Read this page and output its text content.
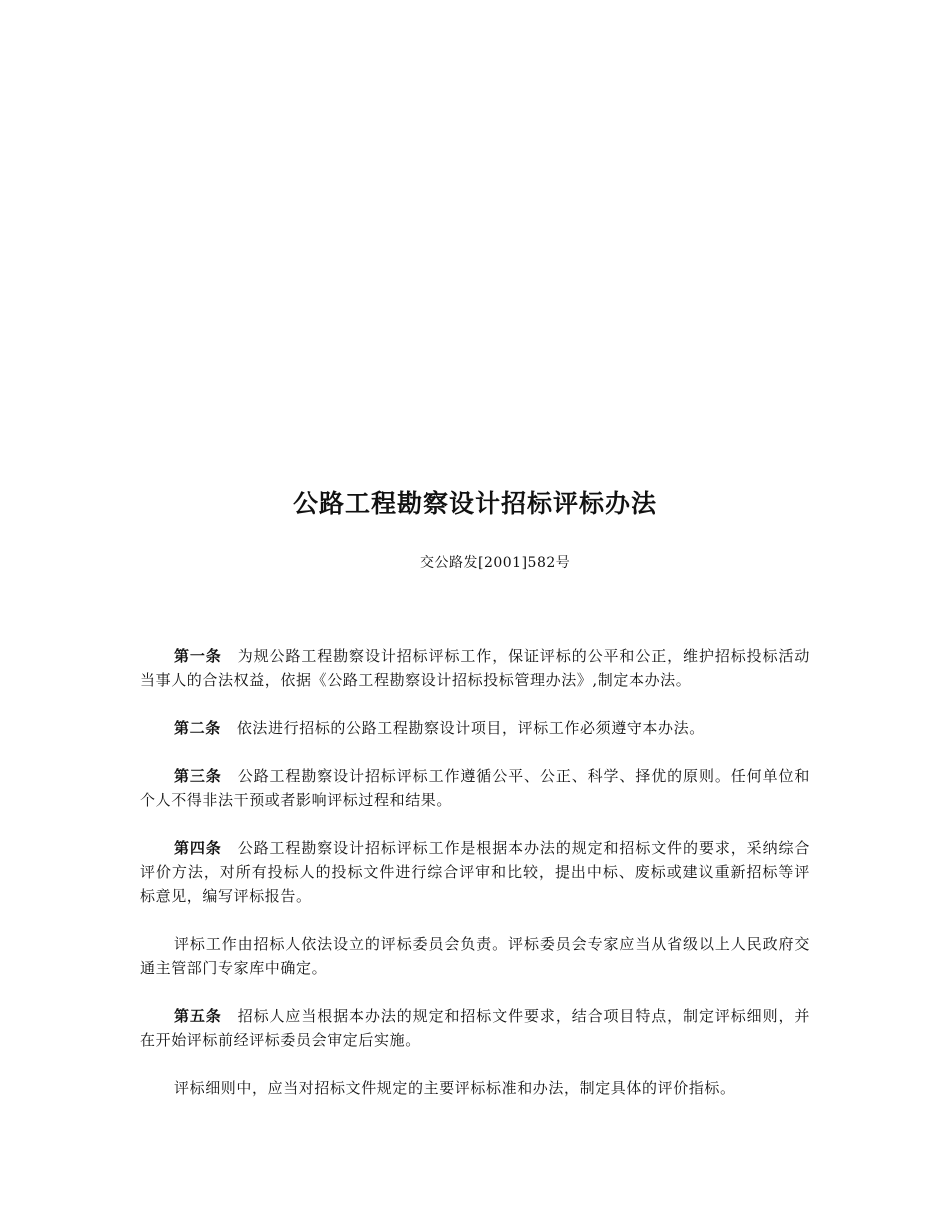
公路工程勘察设计招标评标办法
交公路发[2001]582号

第一条 为规公路工程勘察设计招标评标工作，保证评标的公平和公正，维护招标投标活动当事人的合法权益，依据《公路工程勘察设计招标投标管理办法》,制定本办法。

第二条 依法进行招标的公路工程勘察设计项目，评标工作必须遵守本办法。

第三条 公路工程勘察设计招标评标工作遵循公平、公正、科学、择优的原则。任何单位和个人不得非法干预或者影响评标过程和结果。

第四条 公路工程勘察设计招标评标工作是根据本办法的规定和招标文件的要求，采纳综合评价方法，对所有投标人的投标文件进行综合评审和比较，提出中标、废标或建议重新招标等评标意见，编写评标报告。

评标工作由招标人依法设立的评标委员会负责。评标委员会专家应当从省级以上人民政府交通主管部门专家库中确定。

第五条 招标人应当根据本办法的规定和招标文件要求，结合项目特点，制定评标细则，并在开始评标前经评标委员会审定后实施。

评标细则中，应当对招标文件规定的主要评标标准和办法，制定具体的评价指标。
